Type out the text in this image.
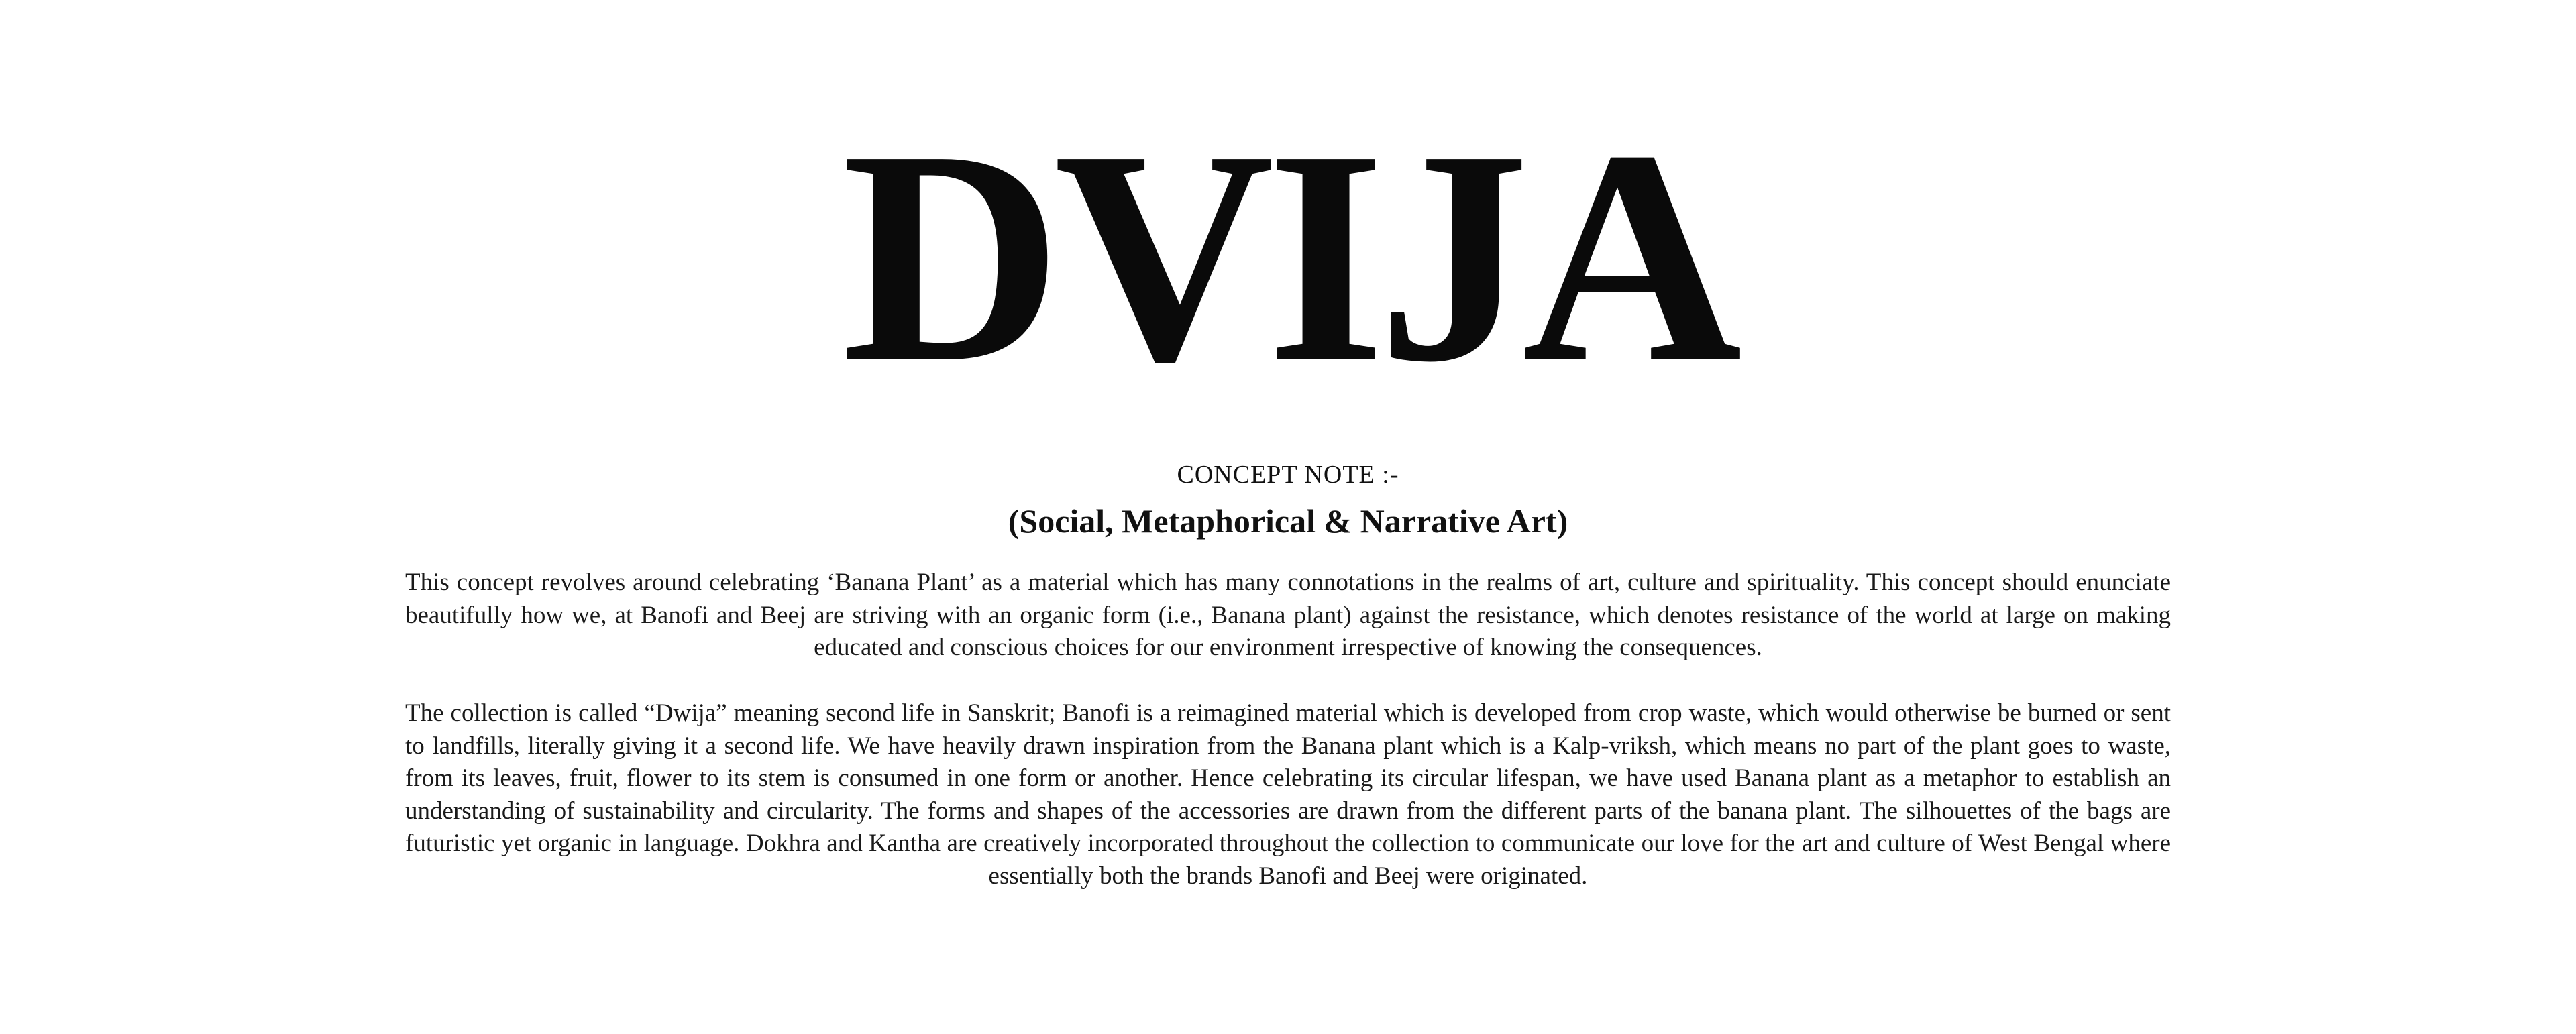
DVIJA
CONCEPT NOTE :-
(Social, Metaphorical & Narrative Art)

This concept revolves around celebrating ‘Banana Plant’ as a material which has many connotations in the realms of art, culture and spirituality. This concept should enunciate beautifully how we, at Banofi and Beej are striving with an organic form (i.e., Banana plant) against the resistance, which denotes resistance of the world at large on making educated and conscious choices for our environment irrespective of knowing the consequences.

The collection is called “Dwija” meaning second life in Sanskrit; Banofi is a reimagined material which is developed from crop waste, which would otherwise be burned or sent to landfills, literally giving it a second life. We have heavily drawn inspiration from the Banana plant which is a Kalp-vriksh, which means no part of the plant goes to waste, from its leaves, fruit, flower to its stem is consumed in one form or another. Hence celebrating its circular lifespan, we have used Banana plant as a metaphor to establish an understanding of sustainability and circularity. The forms and shapes of the accessories are drawn from the different parts of the banana plant. The silhouettes of the bags are futuristic yet organic in language. Dokhra and Kantha are creatively incorporated throughout the collection to communicate our love for the art and culture of West Bengal where essentially both the brands Banofi and Beej were originated.
